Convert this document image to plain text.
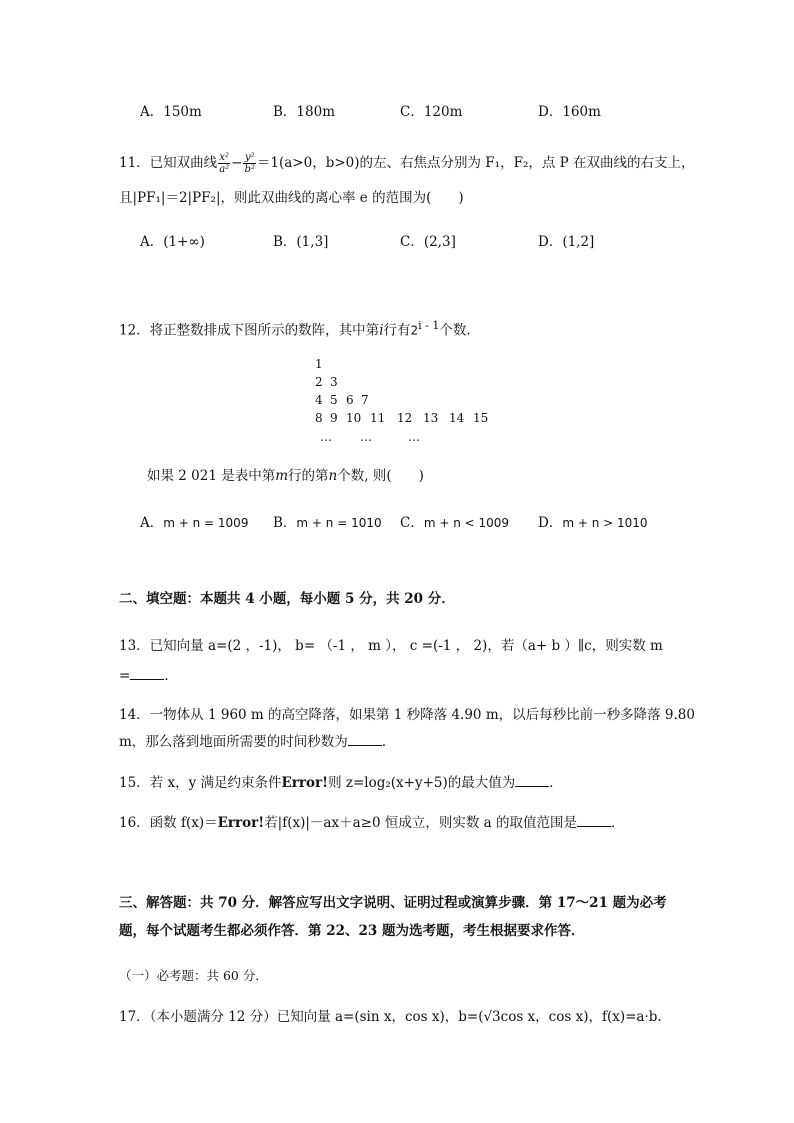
A．150m	B．180m	C．120m	D．160m
11．已知双曲线 $\frac{\text{x²}}{\text{a²}} - \frac{\text{y²}}{\text{b²}} =1(a>0$，b>0)的左、右焦点分别为 F₁，F₂，点 P 在双曲线的右支上，
且|PF₁|＝2|PF₂|，则此双曲线的离心率 e 的范围为(　　)
A．(1+∞)	B．(1,3]	C．(2,3]	D．(1,2]
12．将正整数排成下图所示的数阵，其中第i行有2$^{i - 1}$个数.
1
2 3
4 5 6 7
8 9 10 11 12 13 14 15
… …	…
如果 2 021 是表中第m行的第n个数, 则(　　)
A．m + n = 1009 B．m + n = 1010 C．m + n < 1009 D．m + n > 1010
二、填空题：本题共 4 小题，每小题 5 分，共 20 分．
13．已知向量 a=(2 ，-1)， b= （-1 ， m ）， c =(-1 ， 2)，若（a+ b ）∥c，则实数 m
=	．
14．一物体从 1 960 m 的高空降落，如果第 1 秒降落 4.90 m，以后每秒比前一秒多降落 9.80
m，那么落到地面所需要的时间秒数为	．
15．若 x，y 满足约束条件Error!则 z=log₂(x+y+5)的最大值为	．
16．函数 f(x)＝Error!若|f(x)|－ax＋a≥0 恒成立，则实数 a 的取值范围是	．
三、解答题：共 70 分．解答应写出文字说明、证明过程或演算步骤．第 17～21 题为必考
题，每个试题考生都必须作答．第 22、23 题为选考题，考生根据要求作答．
（一）必考题：共 60 分．
17．（本小题满分 12 分）已知向量 a=(sin x，cos x)，b=(√3cos x，cos x)，f(x)=a·b.
